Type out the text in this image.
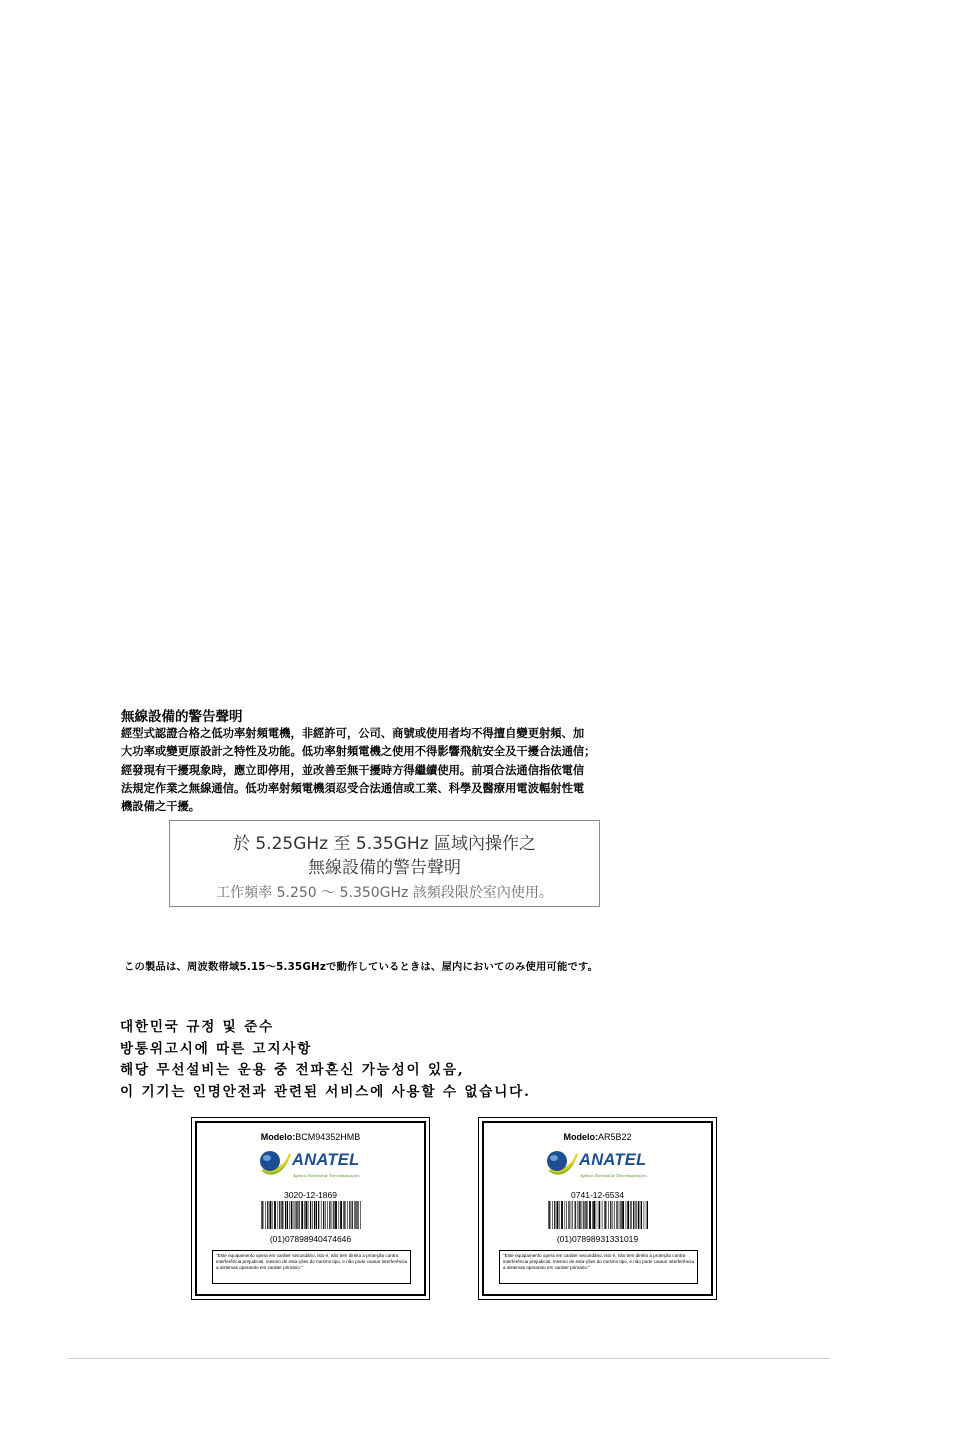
無線設備的警告聲明
經型式認證合格之低功率射頻電機，非經許可，公司、商號或使用者均不得擅自變更射頻、加
大功率或變更原設計之特性及功能。低功率射頻電機之使用不得影響飛航安全及干擾合法通信；
經發現有干擾現象時，應立即停用，並改善至無干擾時方得繼續使用。前項合法通信指依電信
法規定作業之無線通信。低功率射頻電機須忍受合法通信或工業、科學及醫療用電波輻射性電
機設備之干擾。
於 5.25GHz 至 5.35GHz 區域內操作之
無線設備的警告聲明
工作頻率 5.250 ～ 5.350GHz 該頻段限於室內使用。
この製品は、周波数帯域5.15～5.35GHzで動作しているときは、屋内においてのみ使用可能です。
대한민국 규정 및 준수
방통위고시에 따른 고지사항
해당 무선설비는 운용 중 전파혼신 가능성이 있음,
이 기기는 인명안전과 관련된 서비스에 사용할 수 없습니다.
Modelo:BCM94352HMB
ANATEL
Agência Nacional de Telecomunicações
3020-12-1869
(01)07898940474646
"Este equipamento opera em caráter secundário, isto é, não tem direito a proteção contra interferência prejudicial, mesmo de esta-ções do mesmo tipo, e não pode causar interferência a sistemas operando em caráter primário."
Modelo:AR5B22
ANATEL
Agência Nacional de Telecomunicações
0741-12-6534
(01)07898931331019
"Este equipamento opera em caráter secundário, isto é, não tem direito a proteção contra interferência prejudicial, mesmo de esta-ções do mesmo tipo, e não pode causar interferência a sistemas operando em caráter primário."
